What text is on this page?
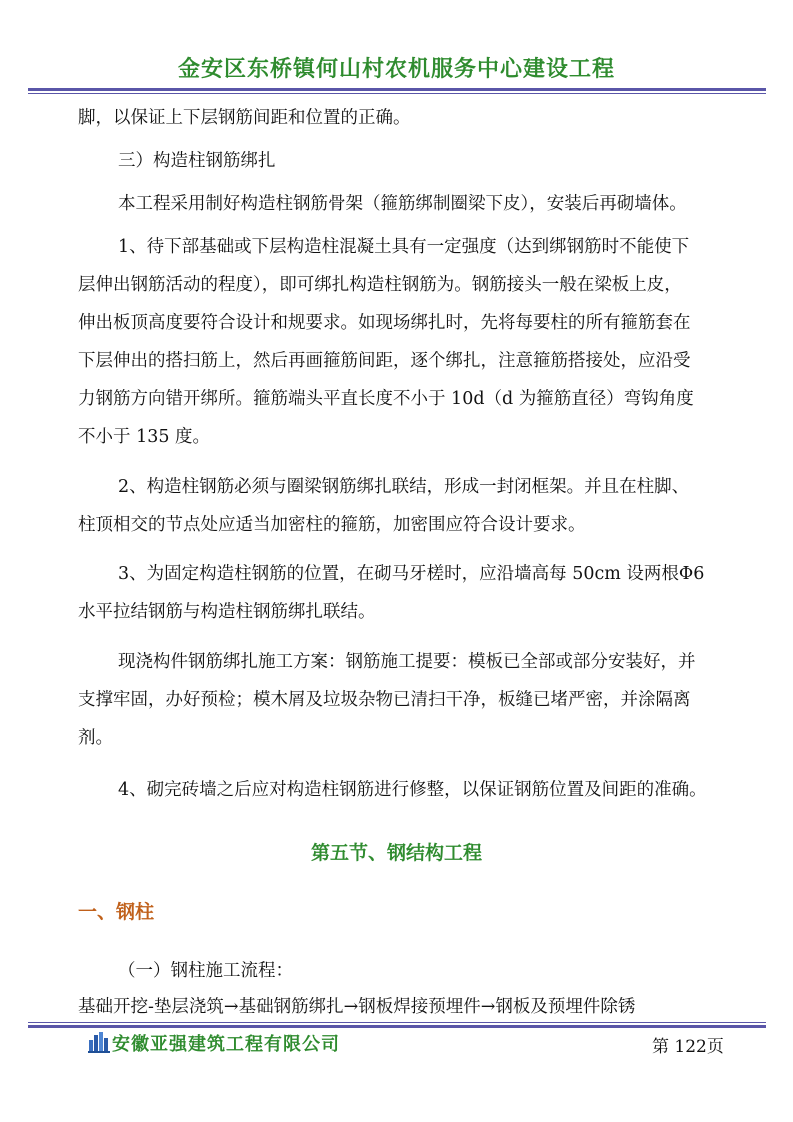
金安区东桥镇何山村农机服务中心建设工程
脚，以保证上下层钢筋间距和位置的正确。
三）构造柱钢筋绑扎
本工程采用制好构造柱钢筋骨架（箍筋绑制圈梁下皮），安装后再砌墙体。
1、待下部基础或下层构造柱混凝土具有一定强度（达到绑钢筋时不能使下
层伸出钢筋活动的程度），即可绑扎构造柱钢筋为。钢筋接头一般在梁板上皮，
伸出板顶高度要符合设计和规要求。如现场绑扎时，先将每要柱的所有箍筋套在
下层伸出的搭扫筋上，然后再画箍筋间距，逐个绑扎，注意箍筋搭接处，应沿受
力钢筋方向错开绑所。箍筋端头平直长度不小于 10d（d 为箍筋直径）弯钩角度
不小于 135 度。
2、构造柱钢筋必须与圈梁钢筋绑扎联结，形成一封闭框架。并且在柱脚、
柱顶相交的节点处应适当加密柱的箍筋，加密围应符合设计要求。
3、为固定构造柱钢筋的位置，在砌马牙槎时，应沿墙高每 50cm 设两根Φ6
水平拉结钢筋与构造柱钢筋绑扎联结。
现浇构件钢筋绑扎施工方案：钢筋施工提要：模板已全部或部分安装好，并
支撑牢固，办好预检；模木屑及垃圾杂物已清扫干净，板缝已堵严密，并涂隔离
剂。
4、砌完砖墙之后应对构造柱钢筋进行修整，以保证钢筋位置及间距的准确。
第五节、钢结构工程
一、钢柱
（一）钢柱施工流程：
基础开挖-垫层浇筑→基础钢筋绑扎→钢板焊接预埋件→钢板及预埋件除锈
安徽亚强建筑工程有限公司	第 122页
